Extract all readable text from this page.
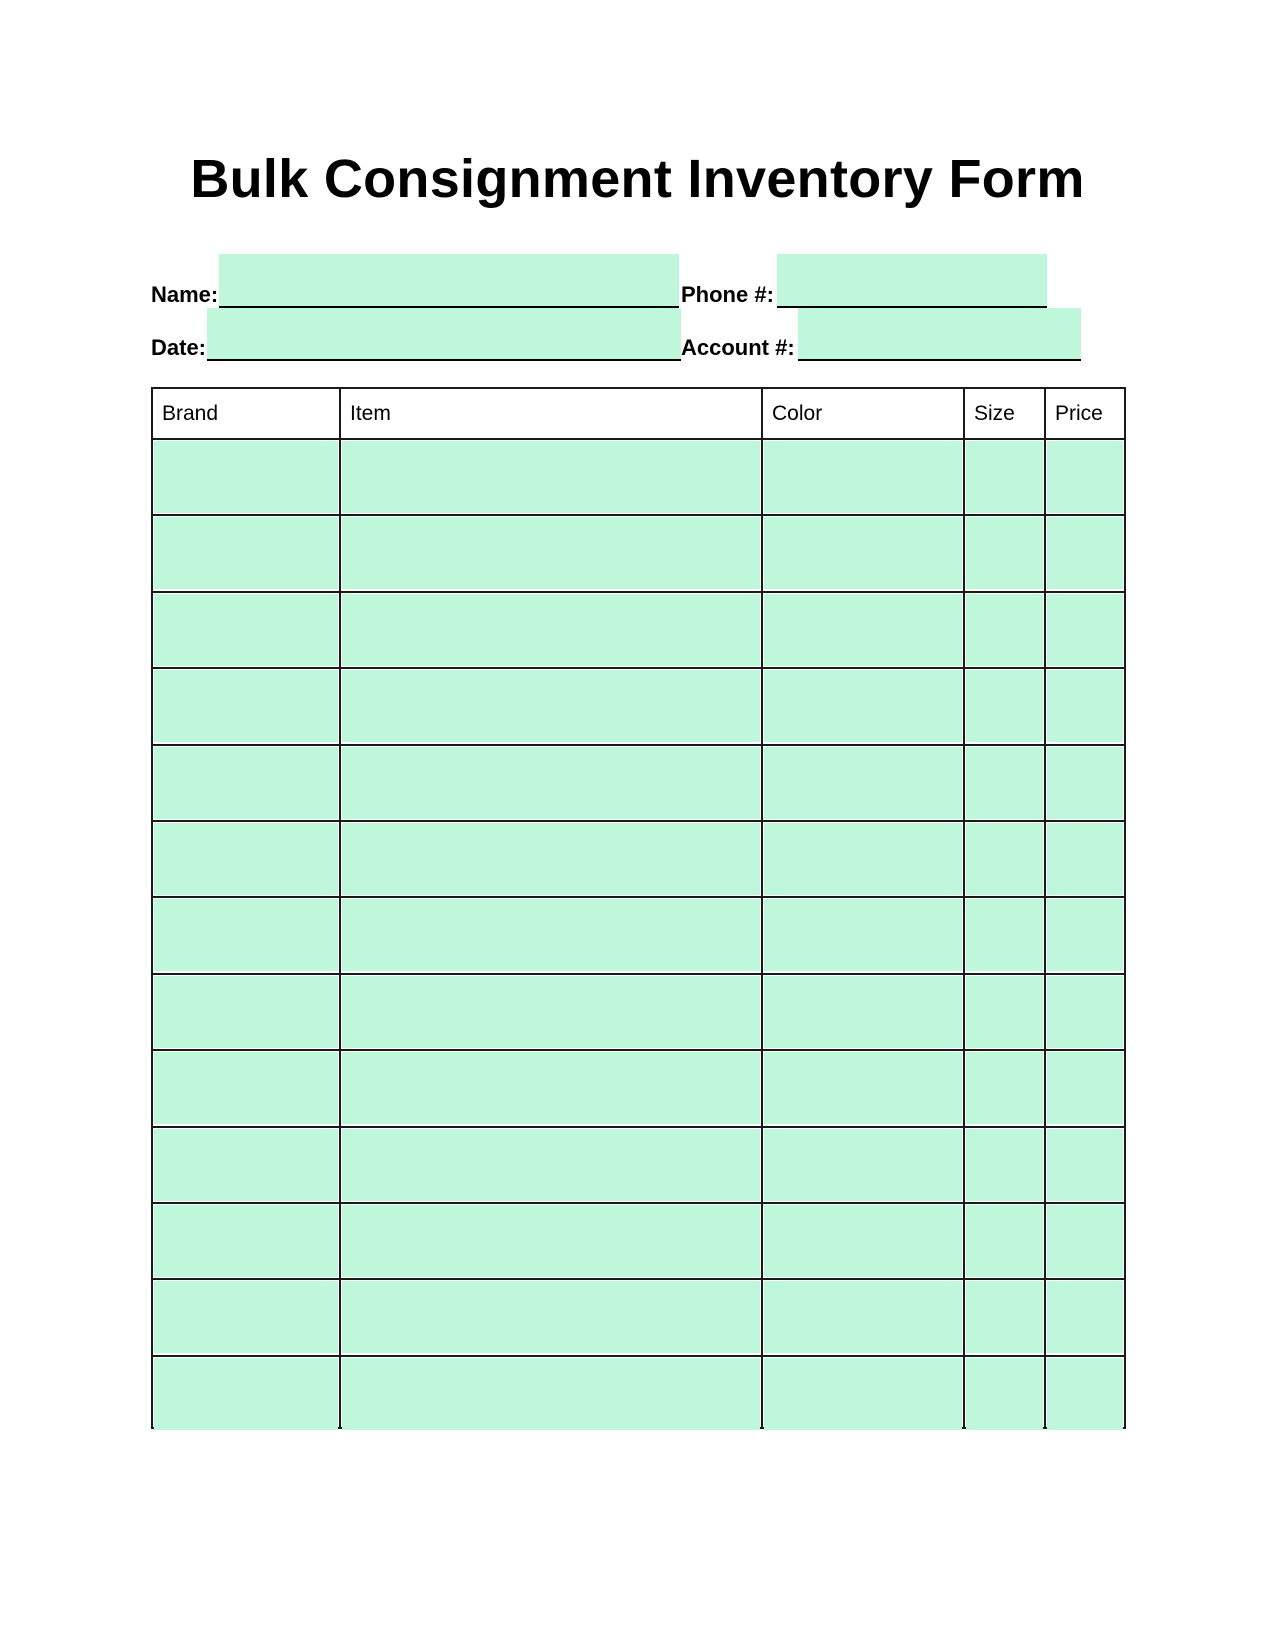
Bulk Consignment Inventory Form
Name:	Phone #:
Date:	Account #:
Brand	Item	Color	Size	Price
